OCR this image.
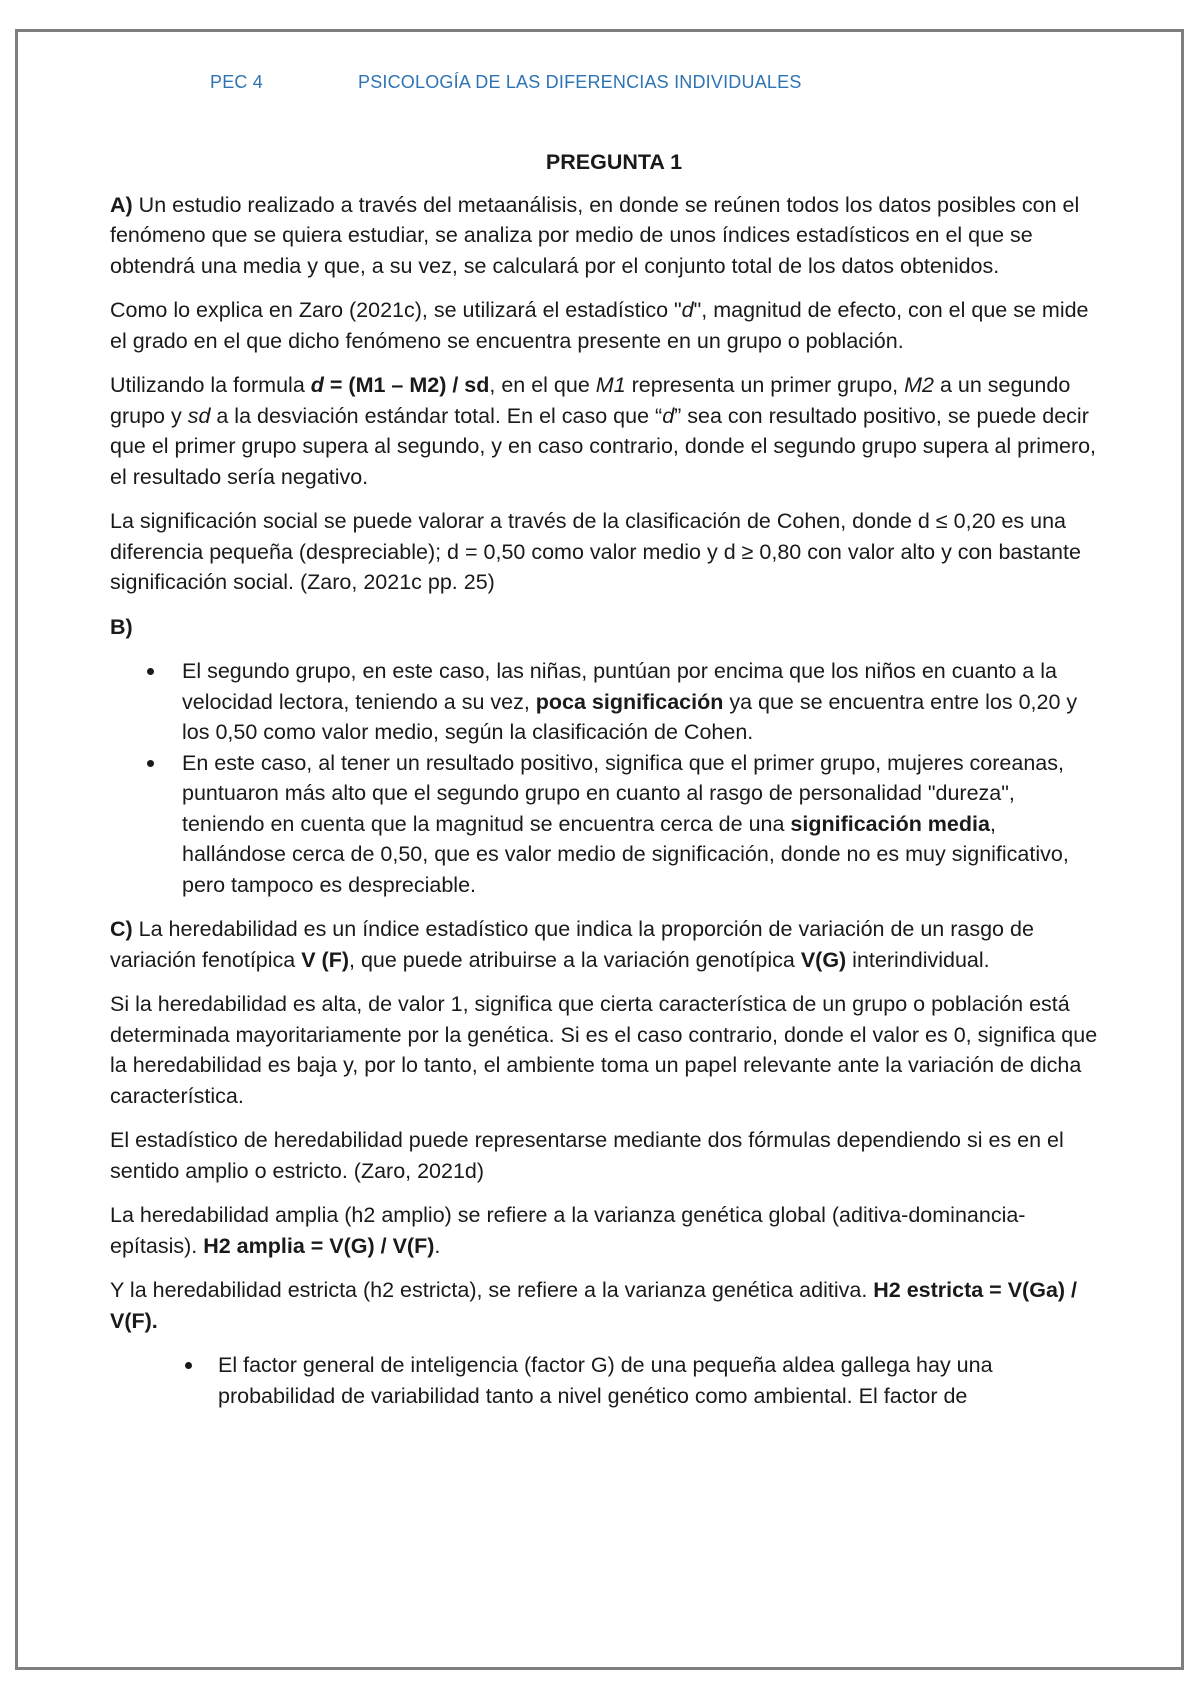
PEC 4	PSICOLOGÍA DE LAS DIFERENCIAS INDIVIDUALES
PREGUNTA 1

A) Un estudio realizado a través del metaanálisis, en donde se reúnen todos los datos posibles con el fenómeno que se quiera estudiar, se analiza por medio de unos índices estadísticos en el que se obtendrá una media y que, a su vez, se calculará por el conjunto total de los datos obtenidos.

Como lo explica en Zaro (2021c), se utilizará el estadístico "d", magnitud de efecto, con el que se mide el grado en el que dicho fenómeno se encuentra presente en un grupo o población.

Utilizando la formula d = (M1 – M2) / sd, en el que M1 representa un primer grupo, M2 a un segundo grupo y sd a la desviación estándar total. En el caso que “d” sea con resultado positivo, se puede decir que el primer grupo supera al segundo, y en caso contrario, donde el segundo grupo supera al primero, el resultado sería negativo.

La significación social se puede valorar a través de la clasificación de Cohen, donde d ≤ 0,20 es una diferencia pequeña (despreciable); d = 0,50 como valor medio y d ≥ 0,80 con valor alto y con bastante significación social. (Zaro, 2021c pp. 25)

B)

El segundo grupo, en este caso, las niñas, puntúan por encima que los niños en cuanto a la velocidad lectora, teniendo a su vez, poca significación ya que se encuentra entre los 0,20 y los 0,50 como valor medio, según la clasificación de Cohen.
En este caso, al tener un resultado positivo, significa que el primer grupo, mujeres coreanas, puntuaron más alto que el segundo grupo en cuanto al rasgo de personalidad "dureza", teniendo en cuenta que la magnitud se encuentra cerca de una significación media, hallándose cerca de 0,50, que es valor medio de significación, donde no es muy significativo, pero tampoco es despreciable.

C) La heredabilidad es un índice estadístico que indica la proporción de variación de un rasgo de variación fenotípica V (F), que puede atribuirse a la variación genotípica V(G) interindividual.

Si la heredabilidad es alta, de valor 1, significa que cierta característica de un grupo o población está determinada mayoritariamente por la genética. Si es el caso contrario, donde el valor es 0, significa que la heredabilidad es baja y, por lo tanto, el ambiente toma un papel relevante ante la variación de dicha característica.

El estadístico de heredabilidad puede representarse mediante dos fórmulas dependiendo si es en el sentido amplio o estricto. (Zaro, 2021d)

La heredabilidad amplia (h2 amplio) se refiere a la varianza genética global (aditiva-dominancia-epítasis). H2 amplia = V(G) / V(F).

Y la heredabilidad estricta (h2 estricta), se refiere a la varianza genética aditiva. H2 estricta = V(Ga) / V(F).

El factor general de inteligencia (factor G) de una pequeña aldea gallega hay una probabilidad de variabilidad tanto a nivel genético como ambiental. El factor de
